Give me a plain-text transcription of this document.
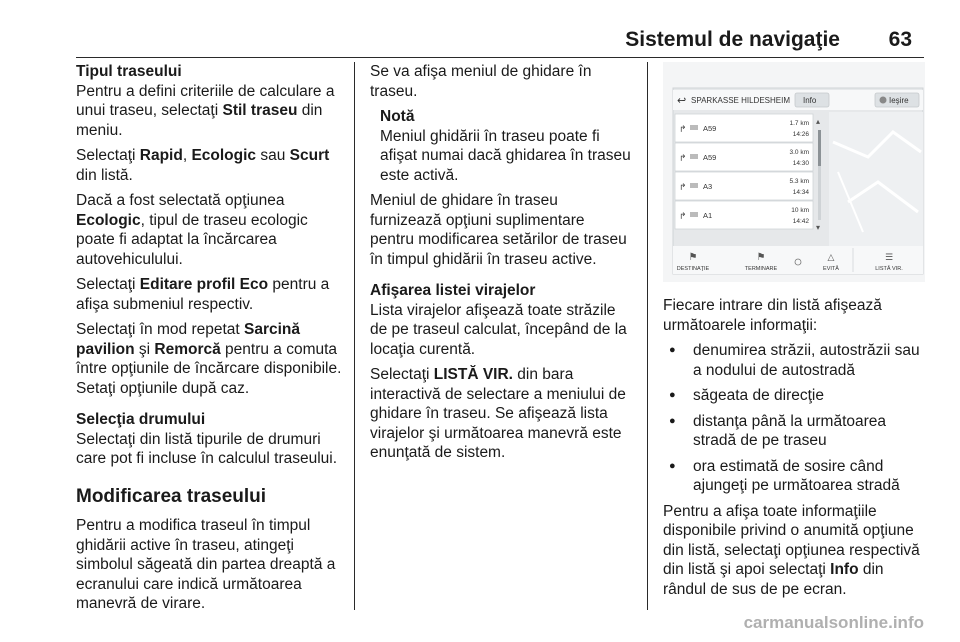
Sistemul de navigaţie 63

Tipul traseului
Pentru a defini criteriile de calculare a unui traseu, selectaţi Stil traseu din meniu.

Selectaţi Rapid, Ecologic sau Scurt din listă.

Dacă a fost selectată opţiunea Ecologic, tipul de traseu ecologic poate fi adaptat la încărcarea autovehiculului.

Selectaţi Editare profil Eco pentru a afişa submeniul respectiv.

Selectaţi în mod repetat Sarcină pavilion şi Remorcă pentru a comuta între opţiunile de încărcare disponibile. Setaţi opţiunile după caz.

Selecţia drumului
Selectaţi din listă tipurile de drumuri care pot fi incluse în calculul traseului.

Modificarea traseului

Pentru a modifica traseul în timpul ghidării active în traseu, atingeţi simbolul săgeată din partea dreaptă a ecranului care indică următoarea manevră de virare.

Se va afişa meniul de ghidare în traseu.

Notă
Meniul ghidării în traseu poate fi afişat numai dacă ghidarea în traseu este activă.

Meniul de ghidare în traseu furnizează opţiuni suplimentare pentru modificarea setărilor de traseu în timpul ghidării în traseu active.

Afişarea listei virajelor
Lista virajelor afişează toate străzile de pe traseul calculat, începând de la locaţia curentă.

Selectaţi LISTĂ VIR. din bara interactivă de selectare a meniului de ghidare în traseu. Se afişează lista virajelor şi următoarea manevră este enunţată de sistem.

↩ SPARKASSE HILDESHEIM Info	Ieşire
↱ A59
1.7 km
14:26
↱ A59
3.0 km
14:30
↱ A3
5.3 km
14:34
↱ A1
10 km
14:42
▴
▾
⚑
DESTINAŢIE
⚑
TERMINARE
△
EVITĂ
☰
LISTĂ VIR.

Fiecare intrare din listă afişează următoarele informaţii:

● denumirea străzii, autostrăzii sau a nodului de autostradă
● săgeata de direcţie
● distanţa până la următoarea stradă de pe traseu
● ora estimată de sosire când ajungeţi pe următoarea stradă

Pentru a afişa toate informaţiile disponibile privind o anumită opţiune din listă, selectaţi opţiunea respectivă din listă şi apoi selectaţi Info din rândul de sus de pe ecran.

carmanualsonline.info
